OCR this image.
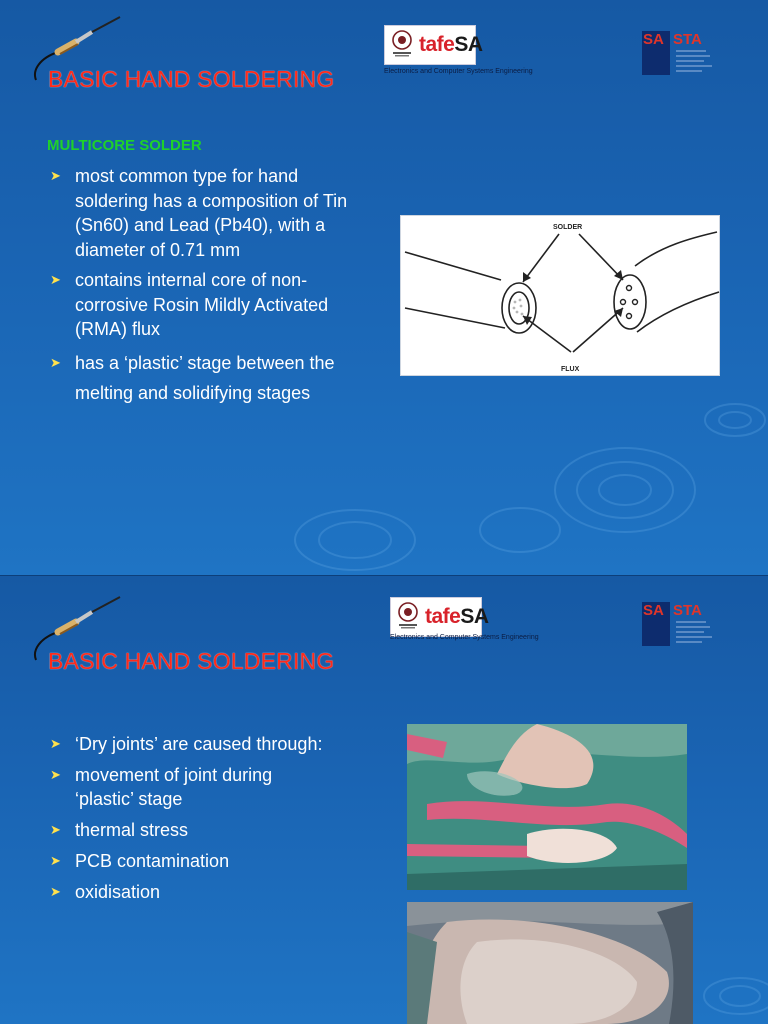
BASIC HAND SOLDERING
tafeSA
Electronics and Computer Systems Engineering
SA STA
MULTICORE SOLDER
➤ most common type for hand soldering has a composition of Tin (Sn60) and Lead (Pb40), with a diameter of 0.71 mm
➤ contains internal core of non-corrosive Rosin Mildly Activated (RMA) flux
➤ has a ‘plastic’ stage between the melting and solidifying stages
SOLDER
FLUX
BASIC HAND SOLDERING
tafeSA
Electronics and Computer Systems Engineering
SA STA
➤ ‘Dry joints’ are caused through:
➤ movement of joint during ‘plastic’ stage
➤ thermal stress
➤ PCB contamination
➤ oxidisation
